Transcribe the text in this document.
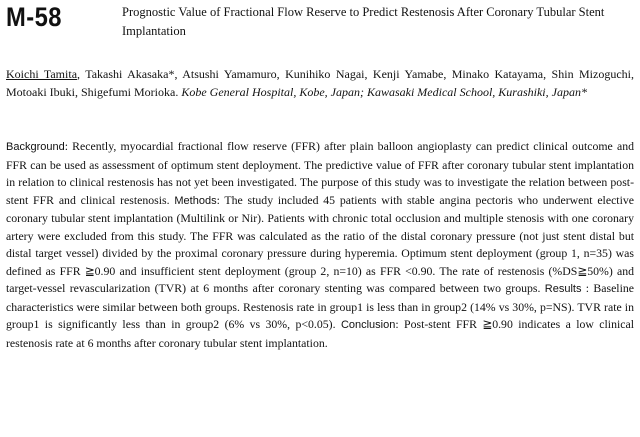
M-58	Prognostic Value of Fractional Flow Reserve to Predict Restenosis After Coronary Tubular Stent Implantation
Koichi Tamita, Takashi Akasaka*, Atsushi Yamamuro, Kunihiko Nagai, Kenji Yamabe, Minako Katayama, Shin Mizoguchi, Motoaki Ibuki, Shigefumi Morioka. Kobe General Hospital, Kobe, Japan; Kawasaki Medical School, Kurashiki, Japan*
Background: Recently, myocardial fractional flow reserve (FFR) after plain balloon angioplasty can predict clinical outcome and FFR can be used as assessment of optimum stent deployment. The predictive value of FFR after coronary tubular stent implantation in relation to clinical restenosis has not yet been investigated. The purpose of this study was to investigate the relation between post-stent FFR and clinical restenosis. Methods: The study included 45 patients with stable angina pectoris who underwent elective coronary tubular stent implantation (Multilink or Nir). Patients with chronic total occlusion and multiple stenosis with one coronary artery were excluded from this study. The FFR was calculated as the ratio of the distal coronary pressure (not just stent distal but distal target vessel) divided by the proximal coronary pressure during hyperemia. Optimum stent deployment (group 1, n=35) was defined as FFR ≧0.90 and insufficient stent deployment (group 2, n=10) as FFR <0.90. The rate of restenosis (%DS≧50%) and target-vessel revascularization (TVR) at 6 months after coronary stenting was compared between two groups. Results : Baseline characteristics were similar between both groups. Restenosis rate in group1 is less than in group2 (14% vs 30%, p=NS). TVR rate in group1 is significantly less than in group2 (6% vs 30%, p<0.05). Conclusion: Post-stent FFR ≧0.90 indicates a low clinical restenosis rate at 6 months after coronary tubular stent implantation.
